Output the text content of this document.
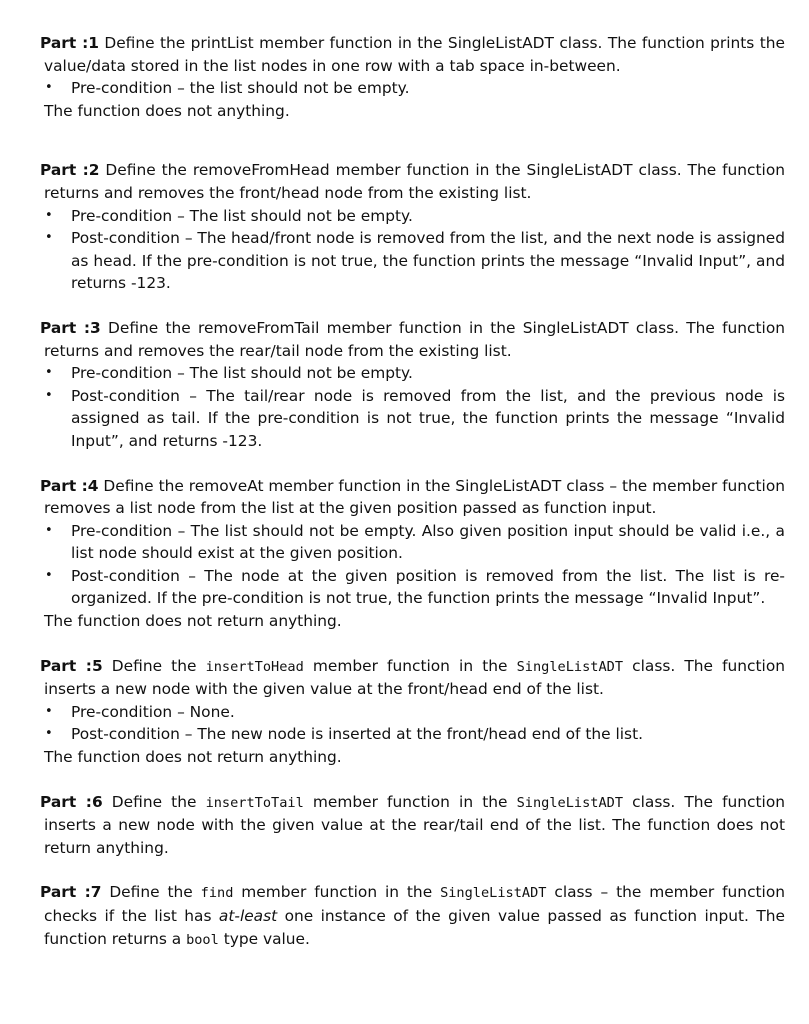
Part :1 Define the printList member function in the SingleListADT class. The function prints the value/data stored in the list nodes in one row with a tab space in-between.

• Pre-condition – the list should not be empty.

The function does not anything.

Part :2 Define the removeFromHead member function in the SingleListADT class. The function returns and removes the front/head node from the existing list.

• Pre-condition – The list should not be empty.
• Post-condition – The head/front node is removed from the list, and the next node is assigned as head. If the pre-condition is not true, the function prints the message “Invalid Input”, and returns -123.

Part :3 Define the removeFromTail member function in the SingleListADT class. The function returns and removes the rear/tail node from the existing list.

• Pre-condition – The list should not be empty.
• Post-condition – The tail/rear node is removed from the list, and the previous node is assigned as tail. If the pre-condition is not true, the function prints the message “Invalid Input”, and returns -123.

Part :4 Define the removeAt member function in the SingleListADT class – the member function removes a list node from the list at the given position passed as function input.

• Pre-condition – The list should not be empty. Also given position input should be valid i.e., a list node should exist at the given position.
• Post-condition – The node at the given position is removed from the list. The list is re-organized. If the pre-condition is not true, the function prints the message “Invalid Input”.

The function does not return anything.

Part :5 Define the insertToHead member function in the SingleListADT class. The function inserts a new node with the given value at the front/head end of the list.

• Pre-condition – None.
• Post-condition – The new node is inserted at the front/head end of the list.

The function does not return anything.

Part :6 Define the insertToTail member function in the SingleListADT class. The function inserts a new node with the given value at the rear/tail end of the list. The function does not return anything.

Part :7 Define the find member function in the SingleListADT class – the member function checks if the list has at-least one instance of the given value passed as function input. The function returns a bool type value.
